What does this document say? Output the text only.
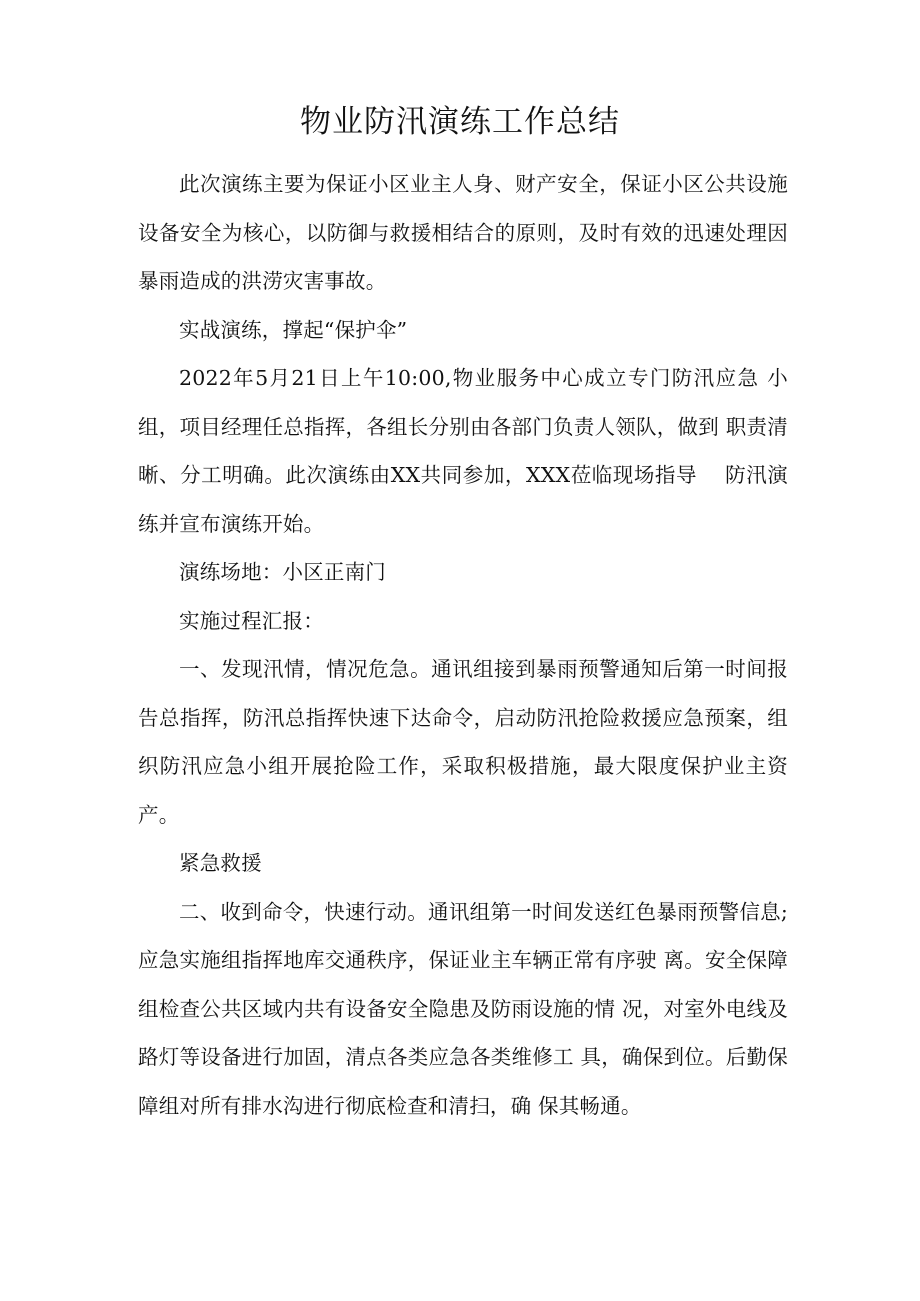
物业防汛演练工作总结

此次演练主要为保证小区业主人身、财产安全，保证小区公共设施设备安全为核心，以防御与救援相结合的原则，及时有效的迅速处理因暴雨造成的洪涝灾害事故。

实战演练，撑起“保护伞”

2022年5月21日上午10:00,物业服务中心成立专门防汛应急 小组，项目经理任总指挥，各组长分别由各部门负责人领队，做到 职责清晰、分工明确。此次演练由XX共同参加，XXX莅临现场指导　 防汛演练并宣布演练开始。

演练场地：小区正南门

实施过程汇报：

一、发现汛情，情况危急。通讯组接到暴雨预警通知后第一时间报告总指挥，防汛总指挥快速下达命令，启动防汛抢险救援应急预案，组织防汛应急小组开展抢险工作，采取积极措施，最大限度保护业主资产。

紧急救援

二、收到命令，快速行动。通讯组第一时间发送红色暴雨预警信息; 应急实施组指挥地库交通秩序，保证业主车辆正常有序驶 离。安全保障组检查公共区域内共有设备安全隐患及防雨设施的情 况，对室外电线及路灯等设备进行加固，清点各类应急各类维修工 具，确保到位。后勤保障组对所有排水沟进行彻底检查和清扫，确 保其畅通。
